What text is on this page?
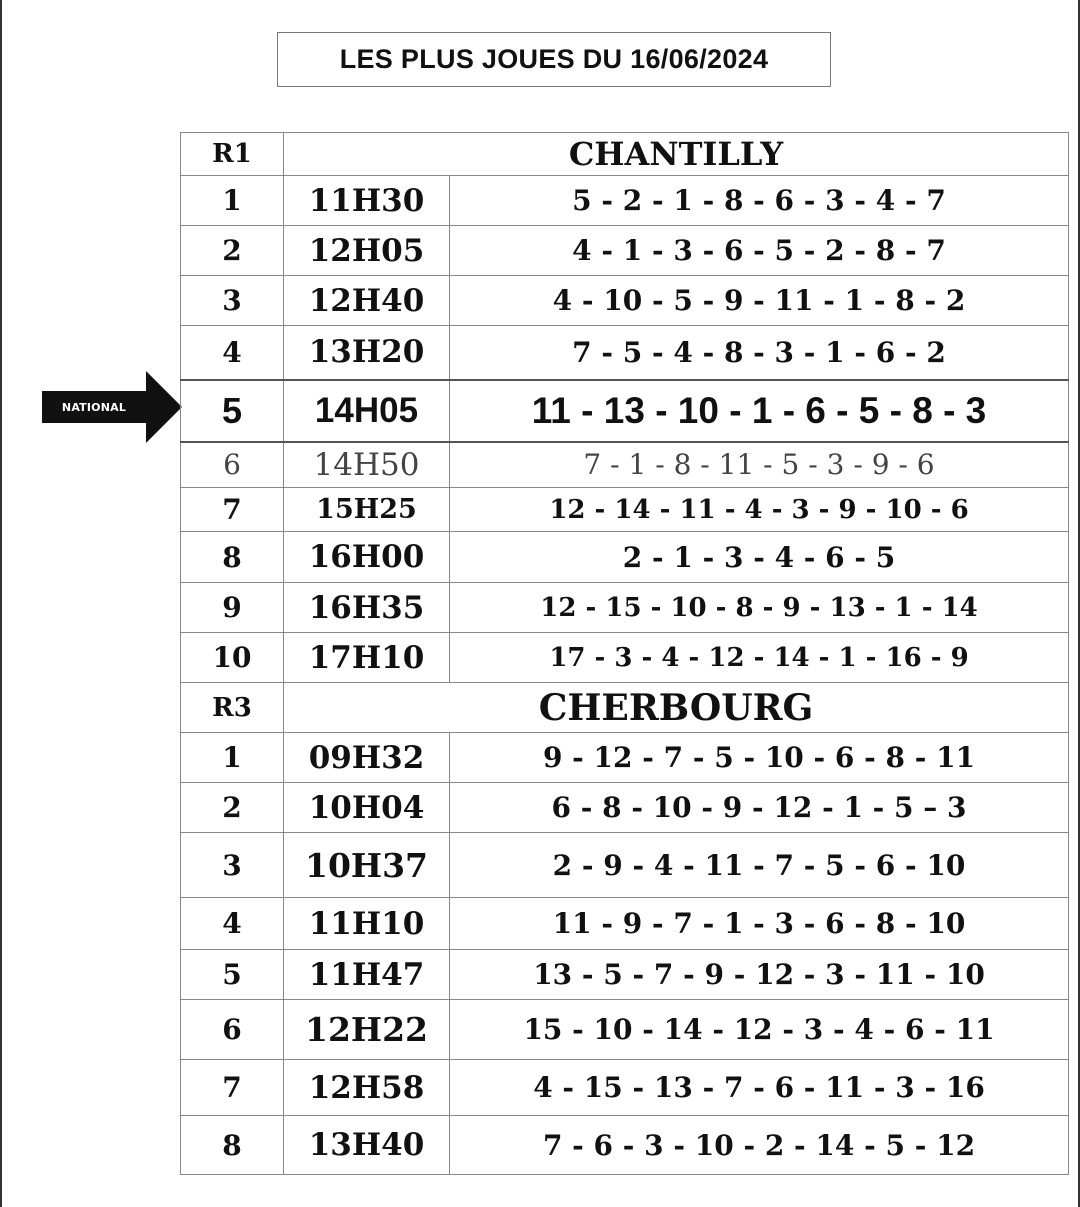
LES PLUS JOUES DU 16/06/2024
NATIONAL
R1	CHANTILLY	
1	11H30	5 - 2 - 1 - 8 - 6 - 3 - 4 - 7
2	12H05	4 - 1 - 3 - 6 - 5 - 2 - 8 - 7
3	12H40	4 - 10 - 5 - 9 - 11 - 1 - 8 - 2
4	13H20	7 - 5 - 4 - 8 - 3 - 1 - 6 - 2
5	14H05	11 - 13 - 10 - 1 - 6 - 5 - 8 - 3
6	14H50	7 - 1 - 8 - 11 - 5 - 3 - 9 - 6
7	15H25	12 - 14 - 11 - 4 - 3 - 9 - 10 - 6
8	16H00	2 - 1 - 3 - 4 - 6 - 5
9	16H35	12 - 15 - 10 - 8 - 9 - 13 - 1 - 14
10	17H10	17 - 3 - 4 - 12 - 14 - 1 - 16 - 9
R3	CHERBOURG	
1	09H32	9 - 12 - 7 - 5 - 10 - 6 - 8 - 11
2	10H04	6 - 8 - 10 - 9 - 12 - 1 - 5 – 3
3	10H37	2 - 9 - 4 - 11 - 7 - 5 - 6 - 10
4	11H10	11 - 9 - 7 - 1 - 3 - 6 - 8 - 10
5	11H47	13 - 5 - 7 - 9 - 12 - 3 - 11 - 10
6	12H22	15 - 10 - 14 - 12 - 3 - 4 - 6 - 11
7	12H58	4 - 15 - 13 - 7 - 6 - 11 - 3 - 16
8	13H40	7 - 6 - 3 - 10 - 2 - 14 - 5 - 12
